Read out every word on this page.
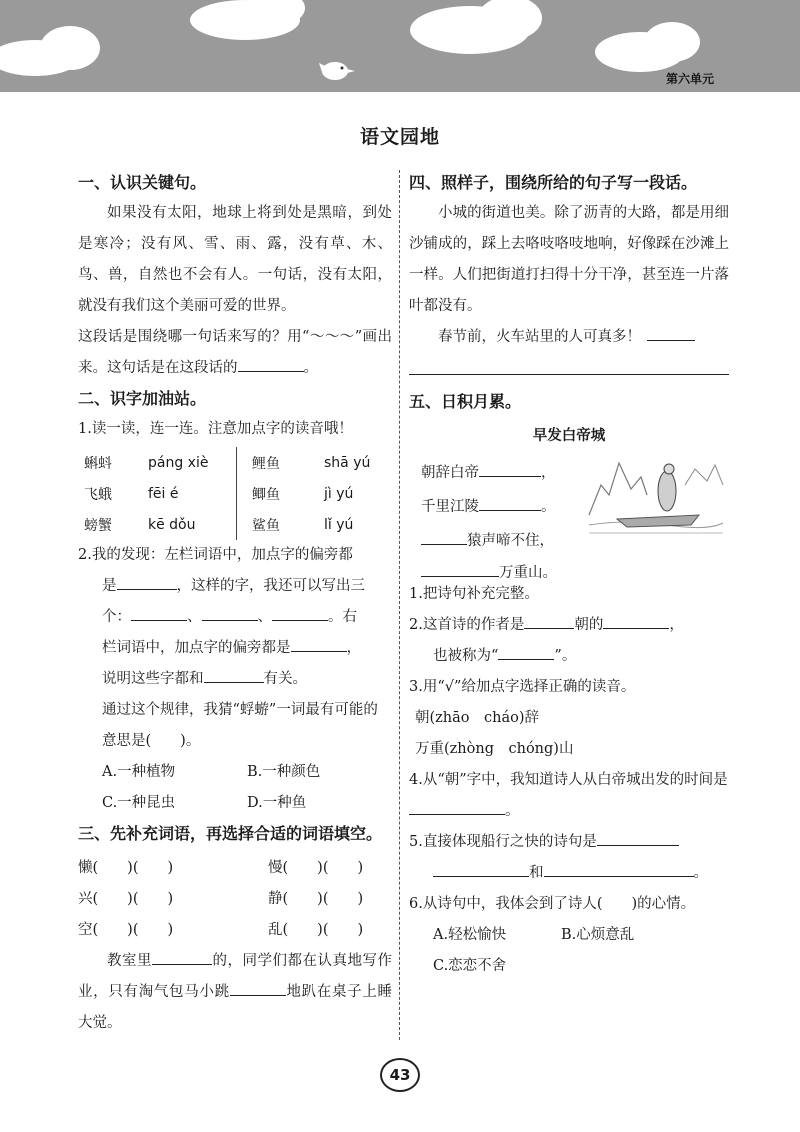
第六单元
语文园地
一、认识关键句。
如果没有太阳，地球上将到处是黑暗，到处是寒冷；没有风、雪、雨、露，没有草、木、鸟、兽，自然也不会有人。一句话，没有太阳，就没有我们这个美丽可爱的世界。
这段话是围绕哪一句话来写的？用“～～～”画出来。这句话是在这段话的	。
二、识字加油站。
1.读一读，连一连。注意加点字的读音哦！
蝌蚪	páng xiè		鲤鱼	shā yú
飞蛾	fēi é		鲫鱼	jì yú
螃蟹	kē dǒu		鲨鱼	lǐ yú
2.我的发现：左栏词语中，加点字的偏旁都
是	，这样的字，我还可以写出三
个：	、	、	。右
栏词语中，加点字的偏旁都是	，
说明这些字都和	有关。
通过这个规律，我猜“蜉蝣”一词最有可能的意思是(　　)。
A.一种植物	B.一种颜色
C.一种昆虫	D.一种鱼
三、先补充词语，再选择合适的词语填空。
懒(　　)(　　)	慢(　　)(　　)
兴(　　)(　　)	静(　　)(　　)
空(　　)(　　)	乱(　　)(　　)
教室里	的，同学们都在认真地写作业，只有淘气包马小跳	地趴在桌子上睡大觉。
四、照样子，围绕所给的句子写一段话。
小城的街道也美。除了沥青的大路，都是用细沙铺成的，踩上去咯吱咯吱地响，好像踩在沙滩上一样。人们把街道打扫得十分干净，甚至连一片落叶都没有。
春节前，火车站里的人可真多！
五、日积月累。
早发白帝城
朝辞白帝	，
千里江陵	。
猿声啼不住，
万重山。
1.把诗句补充完整。
2.这首诗的作者是	朝的	，
也被称为“	”。
3.用“√”给加点字选择正确的读音。
朝(zhāo　cháo)辞
万重(zhòng　chóng)山
4.从“朝”字中，我知道诗人从白帝城出发的时间是。
5.直接体现船行之快的诗句是
和	。
6.从诗句中，我体会到了诗人(　　)的心情。
A.轻松愉快	B.心烦意乱
C.恋恋不舍
43
